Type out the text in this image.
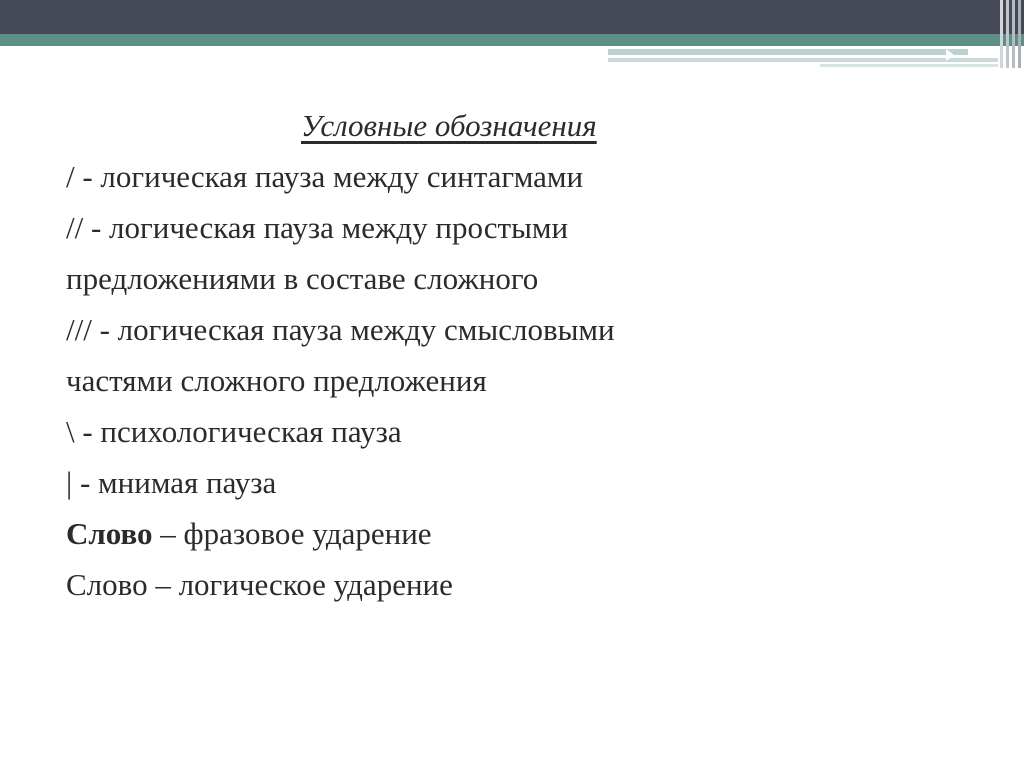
Условные обозначения
/ - логическая пауза между синтагмами
// - логическая пауза между простыми
предложениями в составе сложного
/// - логическая пауза между смысловыми
частями сложного предложения
\ - психологическая пауза
| - мнимая пауза
Слово – фразовое ударение
Слово – логическое ударение
